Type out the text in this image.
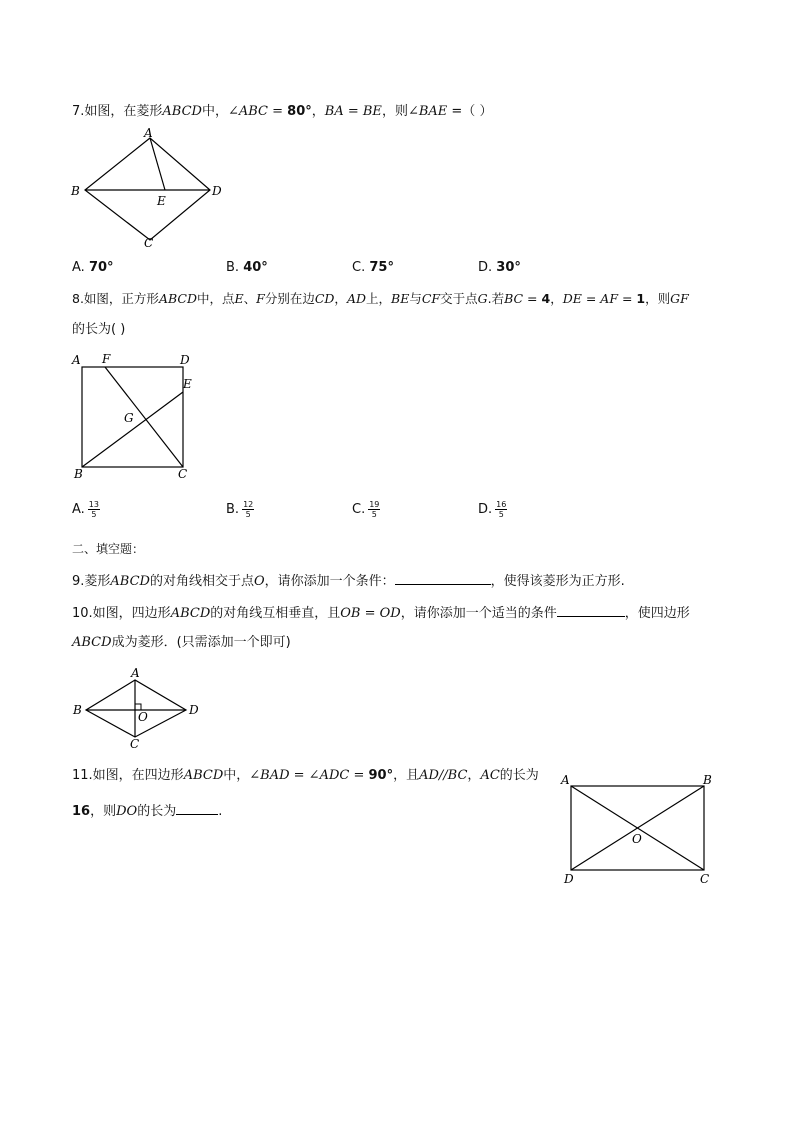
7.如图，在菱形ABCD中，∠ABC = 80°，BA = BE，则∠BAE =（ ）
A
B
C
D
E
A. 70°	B. 40°	C. 75°	D. 30°
8.如图，正方形ABCD中，点E、F分别在边CD，AD上，BE与CF交于点G.若BC = 4，DE = AF = 1，则GF
的长为( )
A F	D
E
G
B	C
A. $\frac{13}{5}$	B. $\frac{12}{5}$	C. $\frac{19}{5}$	D. $\frac{16}{5}$
二、填空题：
9.菱形ABCD的对角线相交于点O，请你添加一个条件：	，使得该菱形为正方形.
10.如图，四边形ABCD的对角线互相垂直，且OB = OD，请你添加一个适当的条件	，使四边形
ABCD成为菱形．(只需添加一个即可)
A
B	O	D
C
11.如图，在四边形ABCD中，∠BAD = ∠ADC = 90°，且AD//BC，AC的长为
16，则DO的长为	.
A	B
O
D	C
